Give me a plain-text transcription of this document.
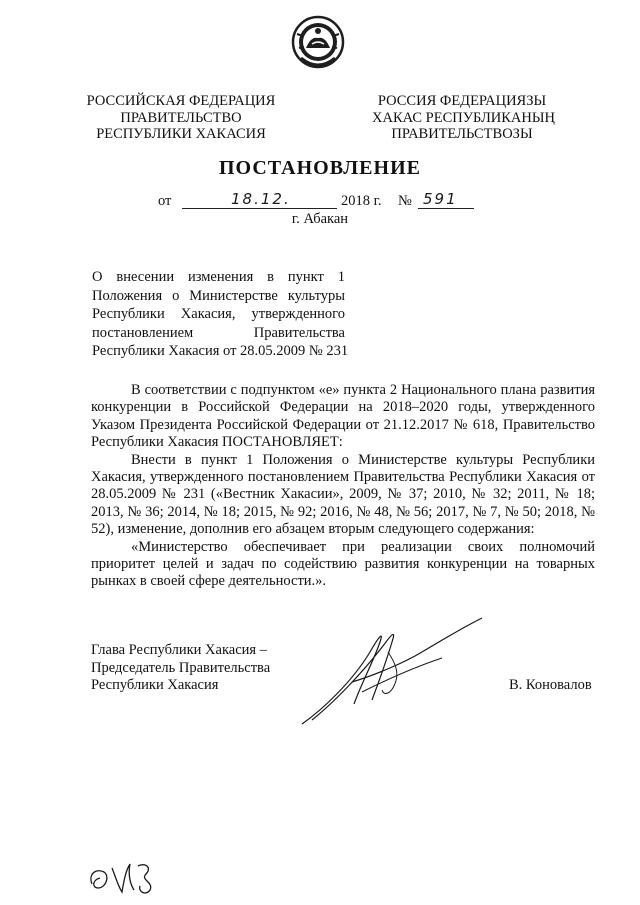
РОССИЙСКАЯ ФЕДЕРАЦИЯ
ПРАВИТЕЛЬСТВО
РЕСПУБЛИКИ ХАКАСИЯ
РОССИЯ ФЕДЕРАЦИЯЗЫ
ХАКАС РЕСПУБЛИКАНЫҢ
ПРАВИТЕЛЬСТВОЗЫ
ПОСТАНОВЛЕНИЕ
от	18.12.	2018 г. № 591
г. Абакан
О внесении изменения в пункт 1
Положения о Министерстве культуры
Республики Хакасия, утвержденного
постановлением	Правительства
Республики Хакасия от 28.05.2009 № 231

В соответствии с подпунктом «е» пункта 2 Национального плана развития конкуренции в Российской Федерации на 2018–2020 годы, утвержденного Указом Президента Российской Федерации от 21.12.2017 № 618, Правительство Республики Хакасия ПОСТАНОВЛЯЕТ:

Внести в пункт 1 Положения о Министерстве культуры Республики Хакасия, утвержденного постановлением Правительства Республики Хакасия от 28.05.2009 № 231 («Вестник Хакасии», 2009, № 37; 2010, № 32; 2011, № 18; 2013, № 36; 2014, № 18; 2015, № 92; 2016, № 48, № 56; 2017, № 7, № 50; 2018, № 52), изменение, дополнив его абзацем вторым следующего содержания:

«Министерство обеспечивает при реализации своих полномочий приоритет целей и задач по содействию развития конкуренции на товарных рынках в своей сфере деятельности.».

Глава Республики Хакасия –
Председатель Правительства
Республики Хакасия	В. Коновалов
